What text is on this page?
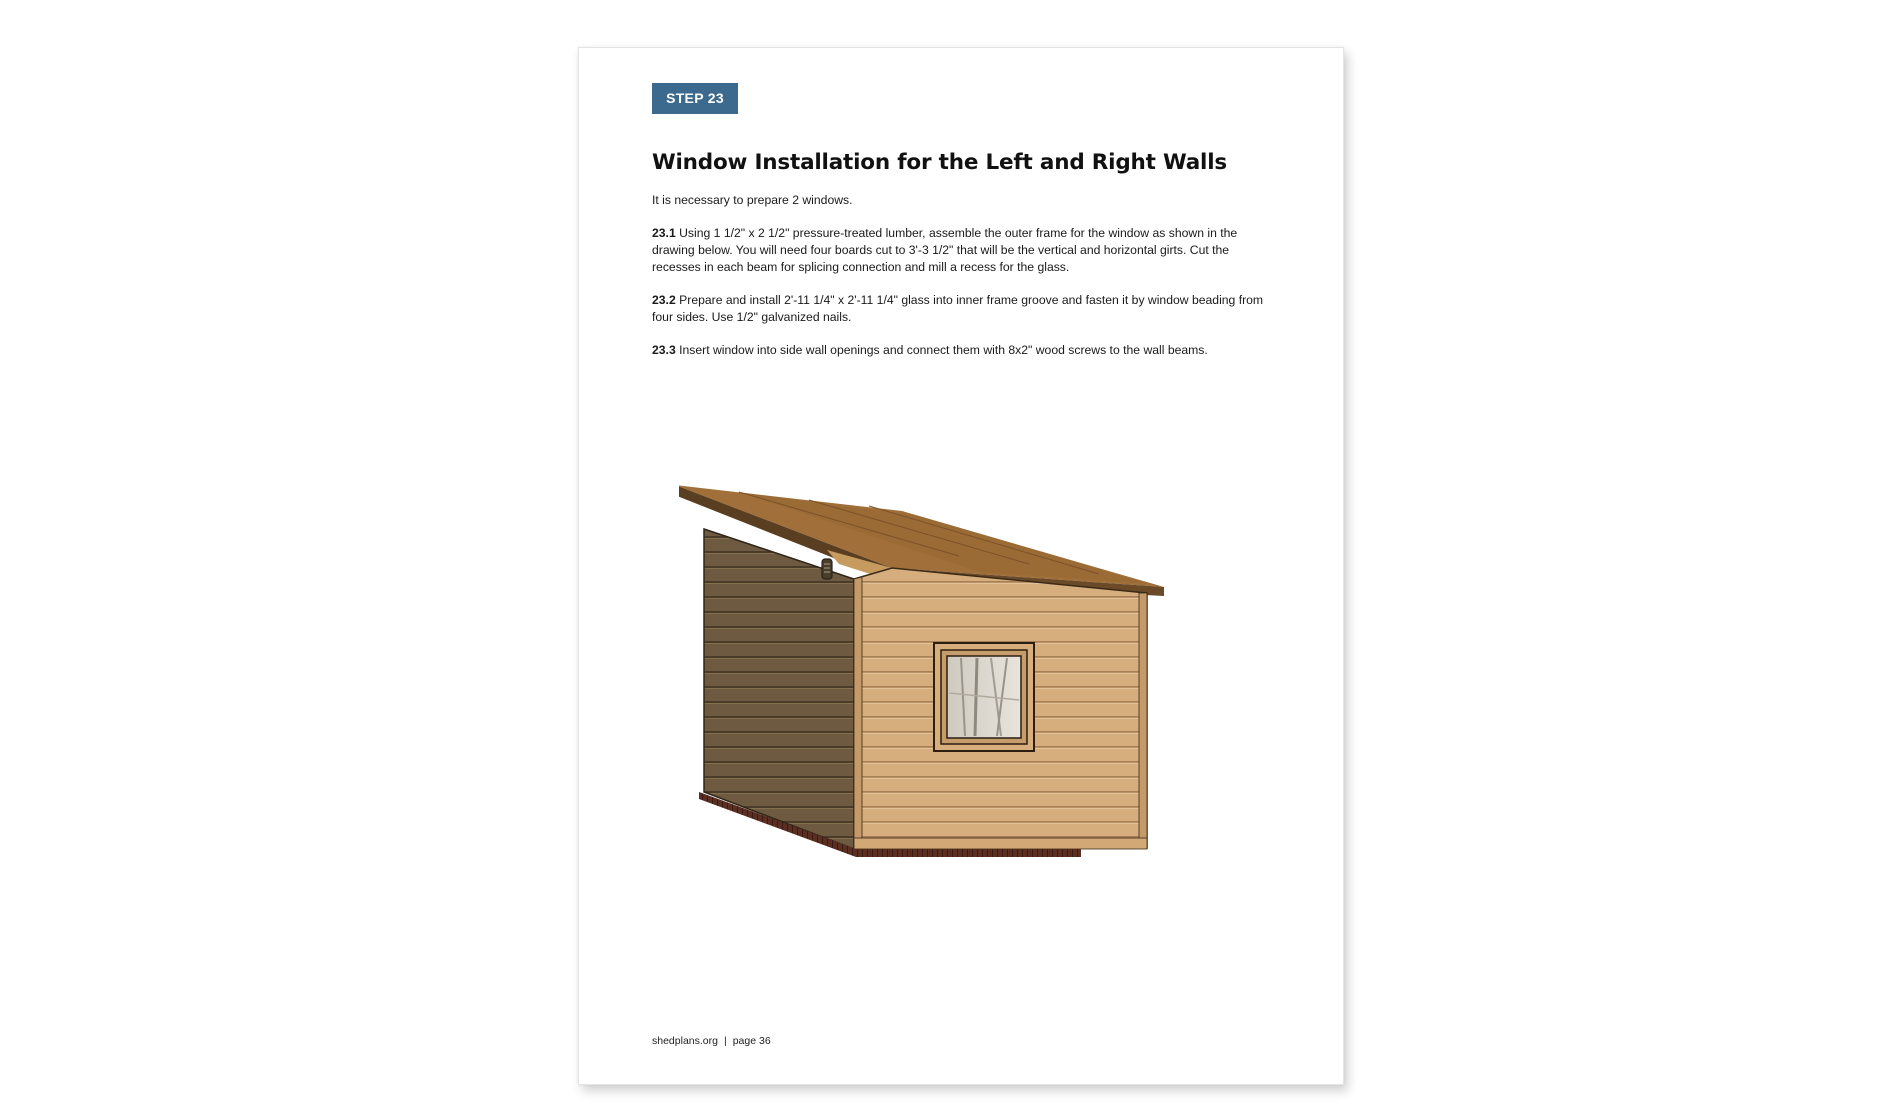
STEP 23
Window Installation for the Left and Right Walls

It is necessary to prepare 2 windows.

23.1 Using 1 1/2" x 2 1/2" pressure-treated lumber, assemble the outer frame for the window as shown in the drawing below. You will need four boards cut to 3'-3 1/2" that will be the vertical and horizontal girts. Cut the recesses in each beam for splicing connection and mill a recess for the glass.

23.2 Prepare and install 2'-11 1/4" x 2'-11 1/4" glass into inner frame groove and fasten it by window beading from four sides. Use 1/2" galvanized nails.

23.3 Insert window into side wall openings and connect them with 8x2" wood screws to the wall beams.

shedplans.org | page 36
